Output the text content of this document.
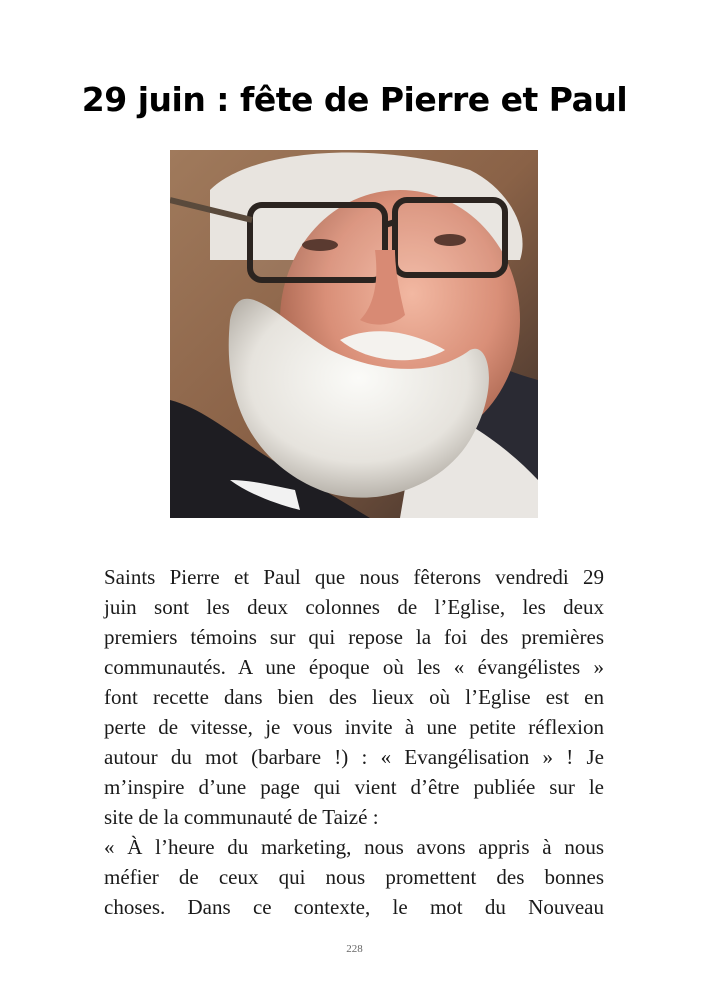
29 juin : fête de Pierre et Paul
Saints Pierre et Paul que nous fêterons vendredi 29
juin sont les deux colonnes de l’Eglise, les deux
premiers témoins sur qui repose la foi des premières
communautés. A une époque où les « évangélistes »
font recette dans bien des lieux où l’Eglise est en
perte de vitesse, je vous invite à une petite réflexion
autour du mot (barbare !) : « Evangélisation » ! Je
m’inspire d’une page qui vient d’être publiée sur le
site de la communauté de Taizé :
« À l’heure du marketing, nous avons appris à nous
méfier de ceux qui nous promettent des bonnes
choses. Dans ce contexte, le mot du Nouveau
228
